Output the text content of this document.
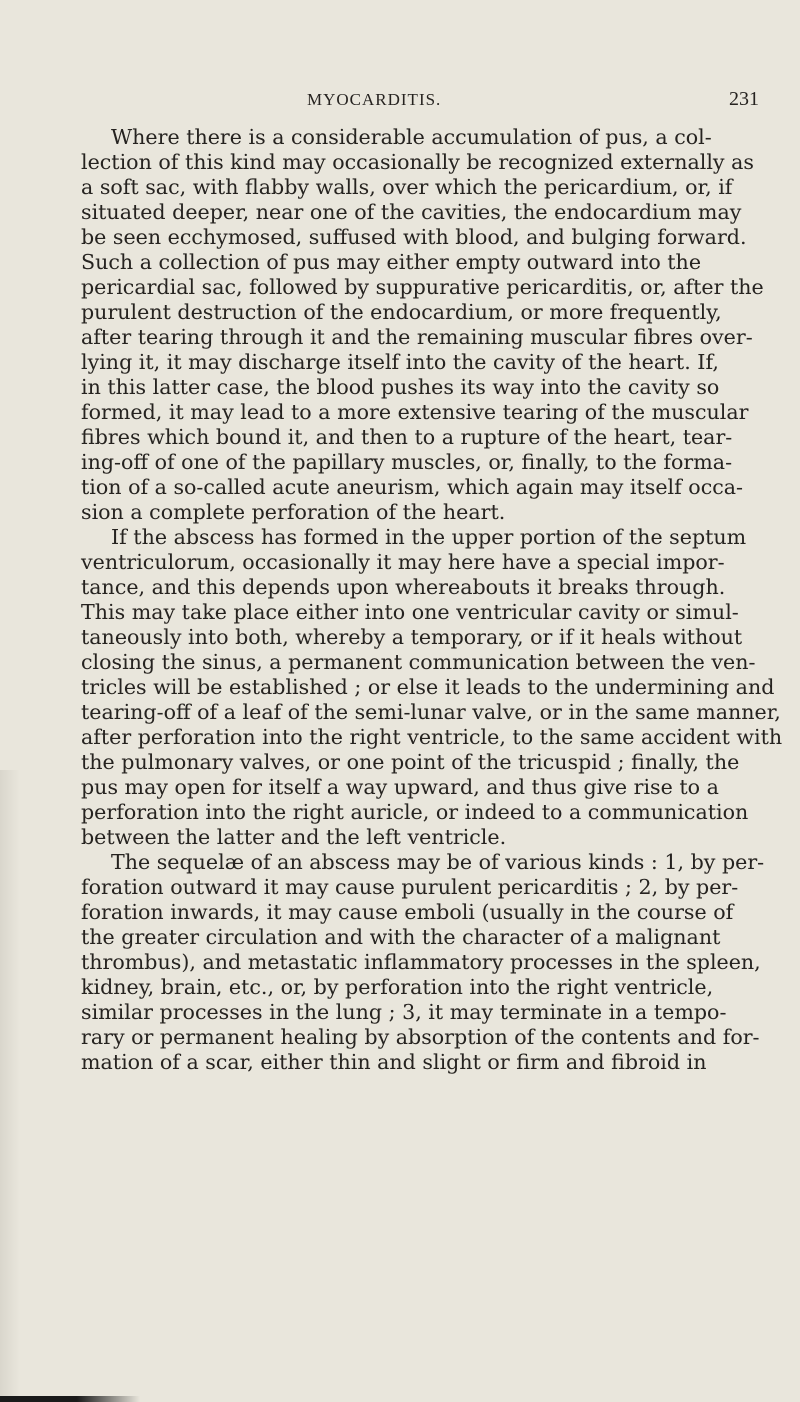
MYOCARDITIS.	231
Where there is a considerable accumulation of pus, a col-
lection of this kind may occasionally be recognized externally as
a soft sac, with flabby walls, over which the pericardium, or, if
situated deeper, near one of the cavities, the endocardium may
be seen ecchymosed, suffused with blood, and bulging forward.
Such a collection of pus may either empty outward into the
pericardial sac, followed by suppurative pericarditis, or, after the
purulent destruction of the endocardium, or more frequently,
after tearing through it and the remaining muscular fibres over-
lying it, it may discharge itself into the cavity of the heart. If,
in this latter case, the blood pushes its way into the cavity so
formed, it may lead to a more extensive tearing of the muscular
fibres which bound it, and then to a rupture of the heart, tear-
ing-off of one of the papillary muscles, or, finally, to the forma-
tion of a so-called acute aneurism, which again may itself occa-
sion a complete perforation of the heart.
If the abscess has formed in the upper portion of the septum
ventriculorum, occasionally it may here have a special impor-
tance, and this depends upon whereabouts it breaks through.
This may take place either into one ventricular cavity or simul-
taneously into both, whereby a temporary, or if it heals without
closing the sinus, a permanent communication between the ven-
tricles will be established ; or else it leads to the undermining and
tearing-off of a leaf of the semi-lunar valve, or in the same manner,
after perforation into the right ventricle, to the same accident with
the pulmonary valves, or one point of the tricuspid ; finally, the
pus may open for itself a way upward, and thus give rise to a
perforation into the right auricle, or indeed to a communication
between the latter and the left ventricle.
The sequelæ of an abscess may be of various kinds : 1, by per-
foration outward it may cause purulent pericarditis ; 2, by per-
foration inwards, it may cause emboli (usually in the course of
the greater circulation and with the character of a malignant
thrombus), and metastatic inflammatory processes in the spleen,
kidney, brain, etc., or, by perforation into the right ventricle,
similar processes in the lung ; 3, it may terminate in a tempo-
rary or permanent healing by absorption of the contents and for-
mation of a scar, either thin and slight or firm and fibroid in
